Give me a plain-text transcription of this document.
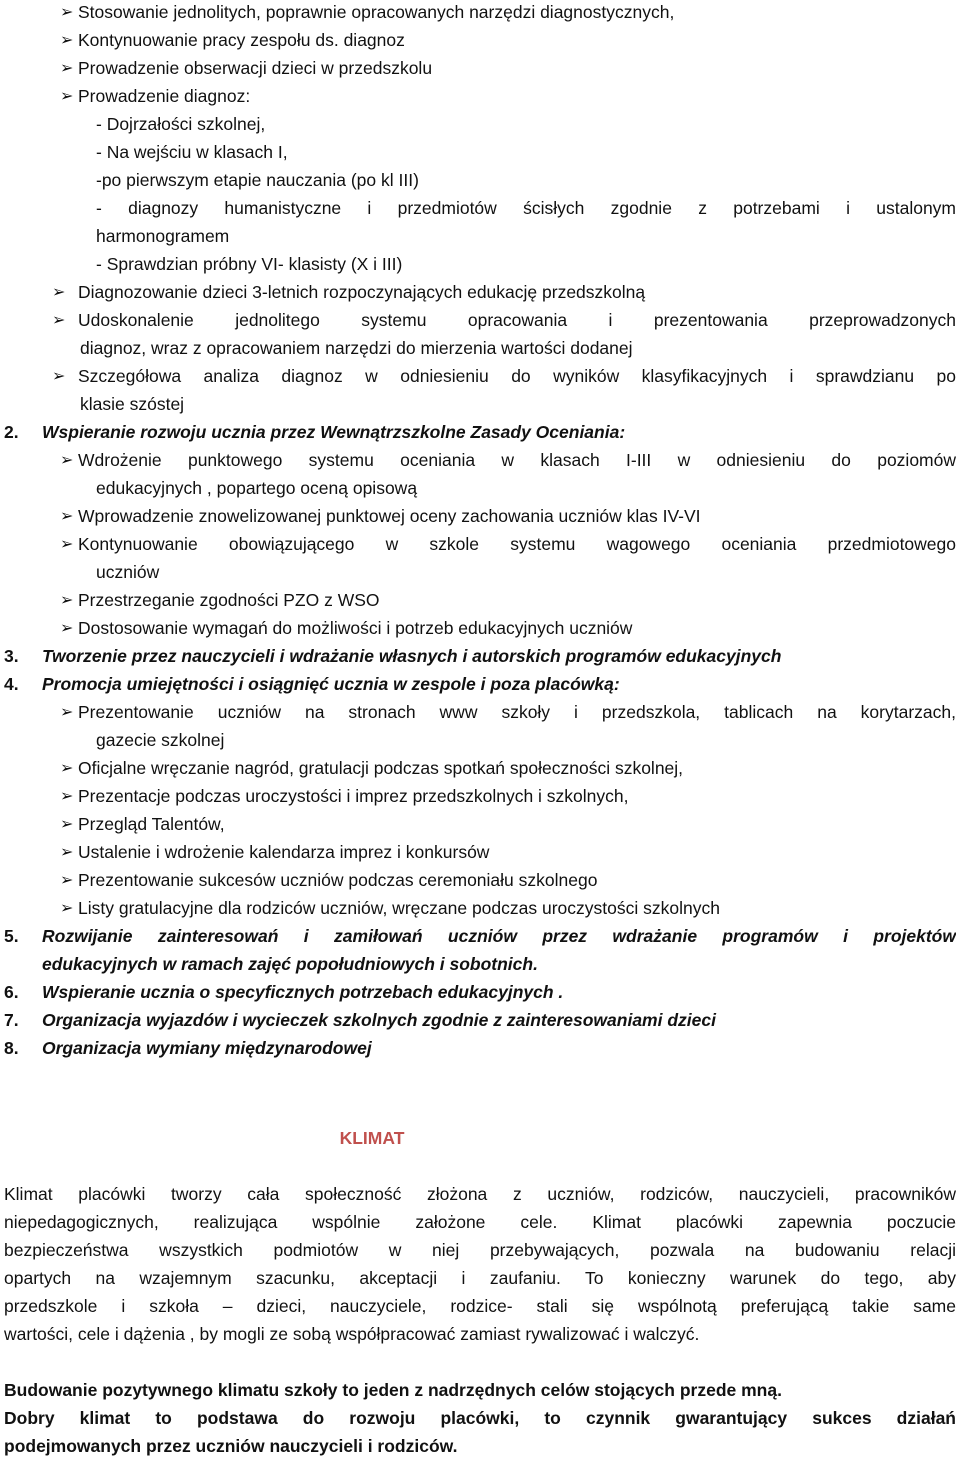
➢ Stosowanie jednolitych, poprawnie opracowanych narzędzi diagnostycznych,
➢ Kontynuowanie pracy zespołu ds. diagnoz
➢ Prowadzenie obserwacji dzieci w przedszkolu
➢ Prowadzenie diagnoz:
- Dojrzałości szkolnej,
- Na wejściu w klasach I,
-po pierwszym etapie nauczania (po kl III)
- diagnozy humanistyczne i przedmiotów ścisłych zgodnie z potrzebami i ustalonym
harmonogramem
- Sprawdzian próbny VI- klasisty (X i III)
➢ Diagnozowanie dzieci 3-letnich rozpoczynających edukację przedszkolną
➢ Udoskonalenie jednolitego systemu opracowania i prezentowania przeprowadzonych
diagnoz, wraz z opracowaniem narzędzi do mierzenia wartości dodanej
➢ Szczegółowa analiza diagnoz w odniesieniu do wyników klasyfikacyjnych i sprawdzianu po
klasie szóstej
2.	Wspieranie rozwoju ucznia przez Wewnątrzszkolne Zasady Oceniania:
➢ Wdrożenie punktowego systemu oceniania w klasach I-III w odniesieniu do poziomów
edukacyjnych , popartego oceną opisową
➢ Wprowadzenie znowelizowanej punktowej oceny zachowania uczniów klas IV-VI
➢ Kontynuowanie obowiązującego w szkole systemu wagowego oceniania przedmiotowego
uczniów
➢ Przestrzeganie zgodności PZO z WSO
➢ Dostosowanie wymagań do możliwości i potrzeb edukacyjnych uczniów
3.	Tworzenie przez nauczycieli i wdrażanie własnych i autorskich programów edukacyjnych
4.	Promocja umiejętności i osiągnięć ucznia w zespole i poza placówką:
➢ Prezentowanie uczniów na stronach www szkoły i przedszkola, tablicach na korytarzach,
gazecie szkolnej
➢ Oficjalne wręczanie nagród, gratulacji podczas spotkań społeczności szkolnej,
➢ Prezentacje podczas uroczystości i imprez przedszkolnych i szkolnych,
➢ Przegląd Talentów,
➢ Ustalenie i wdrożenie kalendarza imprez i konkursów
➢ Prezentowanie sukcesów uczniów podczas ceremoniału szkolnego
➢ Listy gratulacyjne dla rodziców uczniów, wręczane podczas uroczystości szkolnych
5.	Rozwijanie zainteresowań i zamiłowań uczniów przez wdrażanie programów i projektów
edukacyjnych w ramach zajęć popołudniowych i sobotnich.
6.	Wspieranie ucznia o specyficznych potrzebach edukacyjnych .
7.	Organizacja wyjazdów i wycieczek szkolnych zgodnie z zainteresowaniami dzieci
8.	Organizacja wymiany międzynarodowej
KLIMAT
Klimat placówki tworzy cała społeczność złożona z uczniów, rodziców, nauczycieli, pracowników
niepedagogicznych, realizująca wspólnie założone cele. Klimat placówki zapewnia poczucie
bezpieczeństwa wszystkich podmiotów w niej przebywających, pozwala na budowaniu relacji
opartych na wzajemnym szacunku, akceptacji i zaufaniu. To konieczny warunek do tego, aby
przedszkole i szkoła – dzieci, nauczyciele, rodzice- stali się wspólnotą preferującą takie same
wartości, cele i dążenia , by mogli ze sobą współpracować zamiast rywalizować i walczyć.
Budowanie pozytywnego klimatu szkoły to jeden z nadrzędnych celów stojących przede mną.
Dobry klimat to podstawa do rozwoju placówki, to czynnik gwarantujący sukces działań
podejmowanych przez uczniów nauczycieli i rodziców.
